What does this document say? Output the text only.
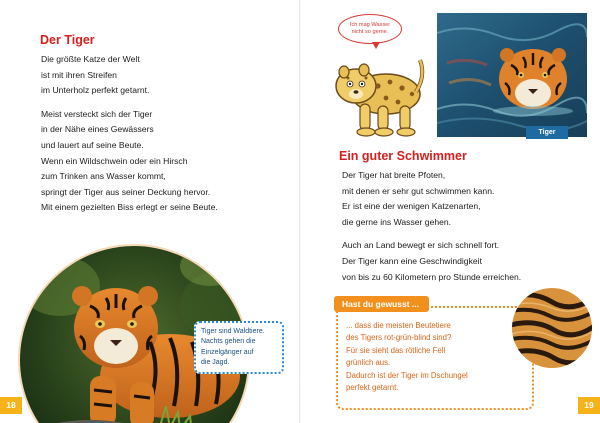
Der Tiger

Die größte Katze der Welt
ist mit ihren Streifen
im Unterholz perfekt getarnt.

Meist versteckt sich der Tiger
in der Nähe eines Gewässers
und lauert auf seine Beute.
Wenn ein Wildschwein oder ein Hirsch
zum Trinken ans Wasser kommt,
springt der Tiger aus seiner Deckung hervor.
Mit einem gezielten Biss erlegt er seine Beute.

Tiger sind Waldtiere.
Nachts gehen die
Einzelgänger auf
die Jagd.
18
Ich mag Wasser
nicht so gerne.
Tiger
Ein guter Schwimmer

Der Tiger hat breite Pfoten,
mit denen er sehr gut schwimmen kann.
Er ist eine der wenigen Katzenarten,
die gerne ins Wasser gehen.

Auch an Land bewegt er sich schnell fort.
Der Tiger kann eine Geschwindigkeit
von bis zu 60 Kilometern pro Stunde erreichen.

Hast du gewusst ...
... dass die meisten Beutetiere
des Tigers rot-grün-blind sind?
Für sie sieht das rötliche Fell
grünlich aus.
Dadurch ist der Tiger im Dschungel
perfekt getarnt.
19
